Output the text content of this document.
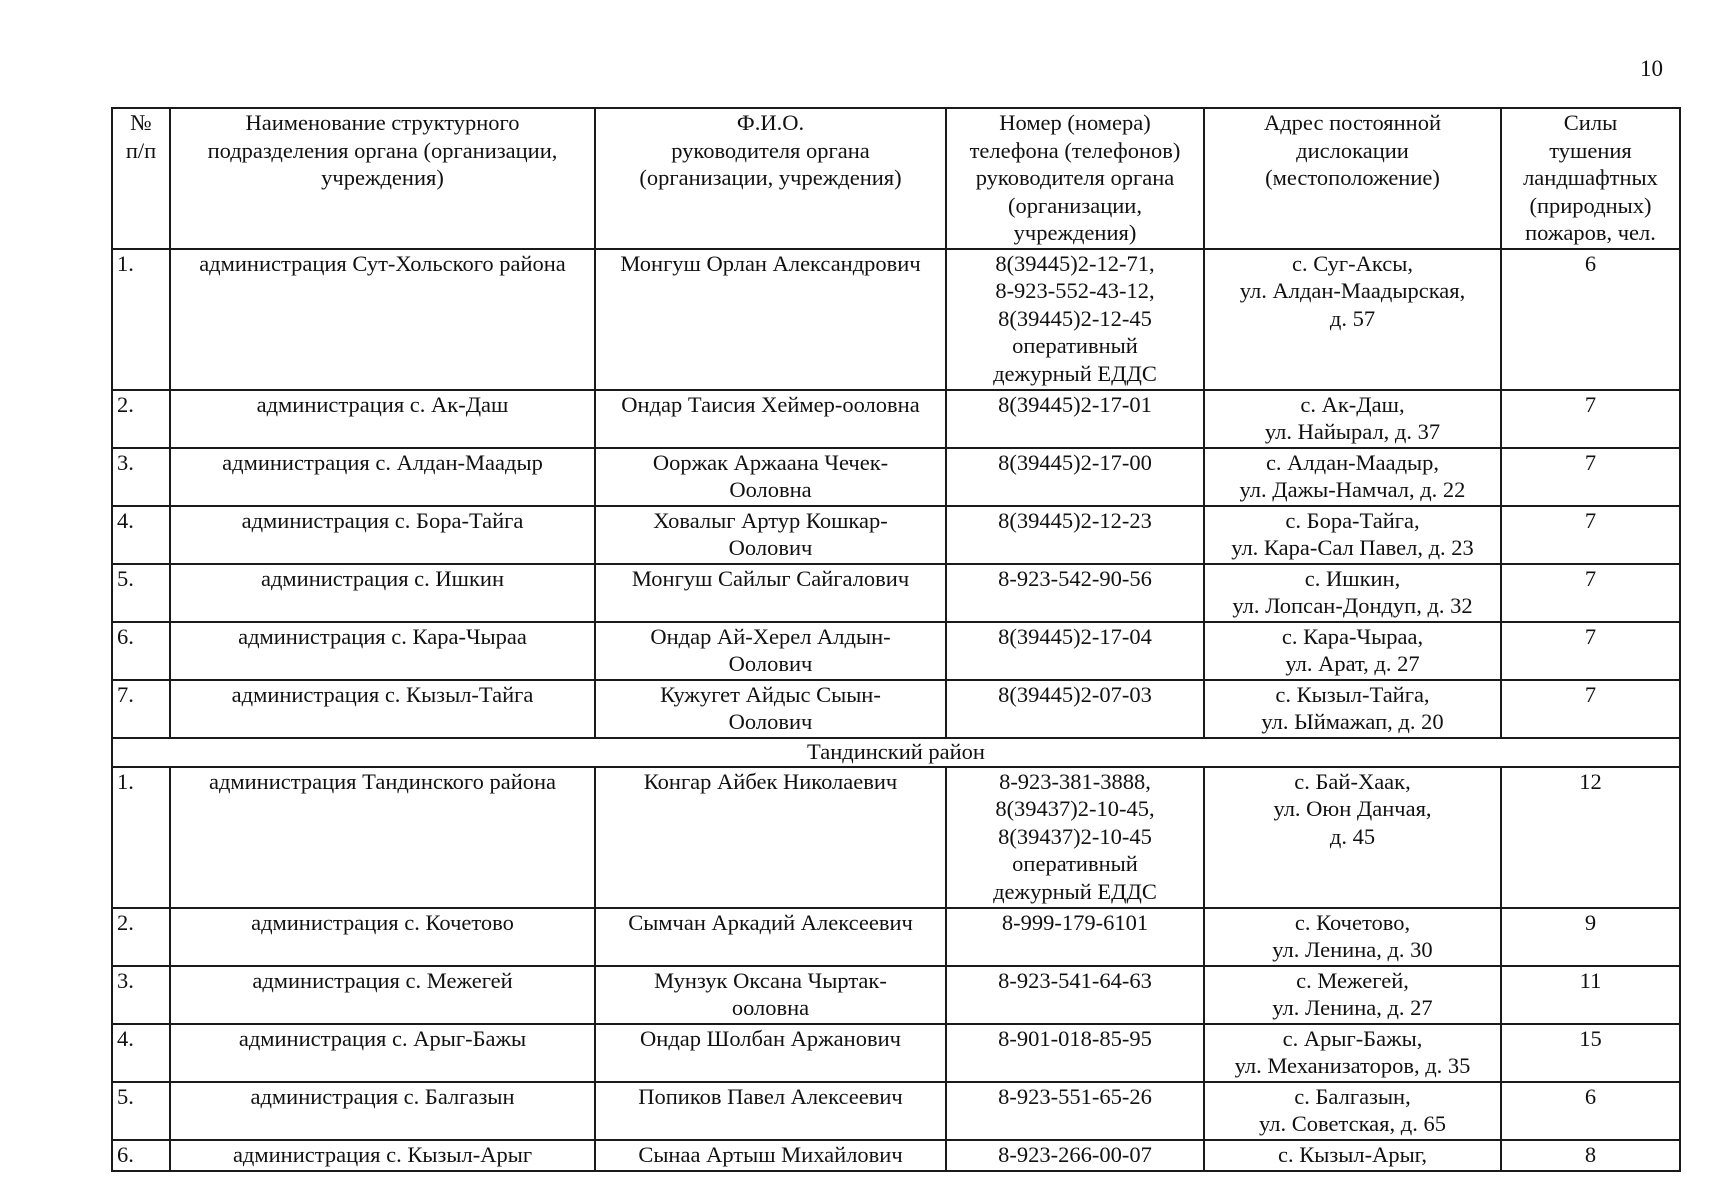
10
№
п/п	Наименование структурного
подразделения органа (организации,
учреждения)	Ф.И.О.
руководителя органа
(организации, учреждения)	Номер (номера)
телефона (телефонов)
руководителя органа
(организации,
учреждения)	Адрес постоянной
дислокации
(местоположение)	Силы
тушения
ландшафтных
(природных)
пожаров, чел.

1.	администрация Сут-Хольского района	Монгуш Орлан Александрович	8(39445)2-12-71,
8-923-552-43-12,
8(39445)2-12-45
оперативный
дежурный ЕДДС	с. Суг-Аксы,
ул. Алдан-Маадырская,
д. 57	6
2.	администрация с. Ак-Даш	Ондар Таисия Хеймер-ооловна	8(39445)2-17-01	с. Ак-Даш,
ул. Найырал, д. 37	7
3.	администрация с. Алдан-Маадыр	Ооржак Аржаана Чечек-
Ооловна	8(39445)2-17-00	с. Алдан-Маадыр,
ул. Дажы-Намчал, д. 22	7
4.	администрация с. Бора-Тайга	Ховалыг Артур Кошкар-
Оолович	8(39445)2-12-23	с. Бора-Тайга,
ул. Кара-Сал Павел, д. 23	7
5.	администрация с. Ишкин	Монгуш Сайлыг Сайгалович	8-923-542-90-56	с. Ишкин,
ул. Лопсан-Дондуп, д. 32	7
6.	администрация с. Кара-Чыраа	Ондар Ай-Херел Алдын-
Оолович	8(39445)2-17-04	с. Кара-Чыраа,
ул. Арат, д. 27	7
7.	администрация с. Кызыл-Тайга	Кужугет Айдыс Сыын-
Оолович	8(39445)2-07-03	с. Кызыл-Тайга,
ул. Ыймажап, д. 20	7
Тандинский район					
1.	администрация Тандинского района	Конгар Айбек Николаевич	8-923-381-3888,
8(39437)2-10-45,
8(39437)2-10-45
оперативный
дежурный ЕДДС	с. Бай-Хаак,
ул. Оюн Данчая,
д. 45	12
2.	администрация с. Кочетово	Сымчан Аркадий Алексеевич	8-999-179-6101	с. Кочетово,
ул. Ленина, д. 30	9
3.	администрация с. Межегей	Мунзук Оксана Чыртак-
ооловна	8-923-541-64-63	с. Межегей,
ул. Ленина, д. 27	11
4.	администрация с. Арыг-Бажы	Ондар Шолбан Аржанович	8-901-018-85-95	с. Арыг-Бажы,
ул. Механизаторов, д. 35	15
5.	администрация с. Балгазын	Попиков Павел Алексеевич	8-923-551-65-26	с. Балгазын,
ул. Советская, д. 65	6
6.	администрация с. Кызыл-Арыг	Сынаа Артыш Михайлович	8-923-266-00-07	с. Кызыл-Арыг,	8
